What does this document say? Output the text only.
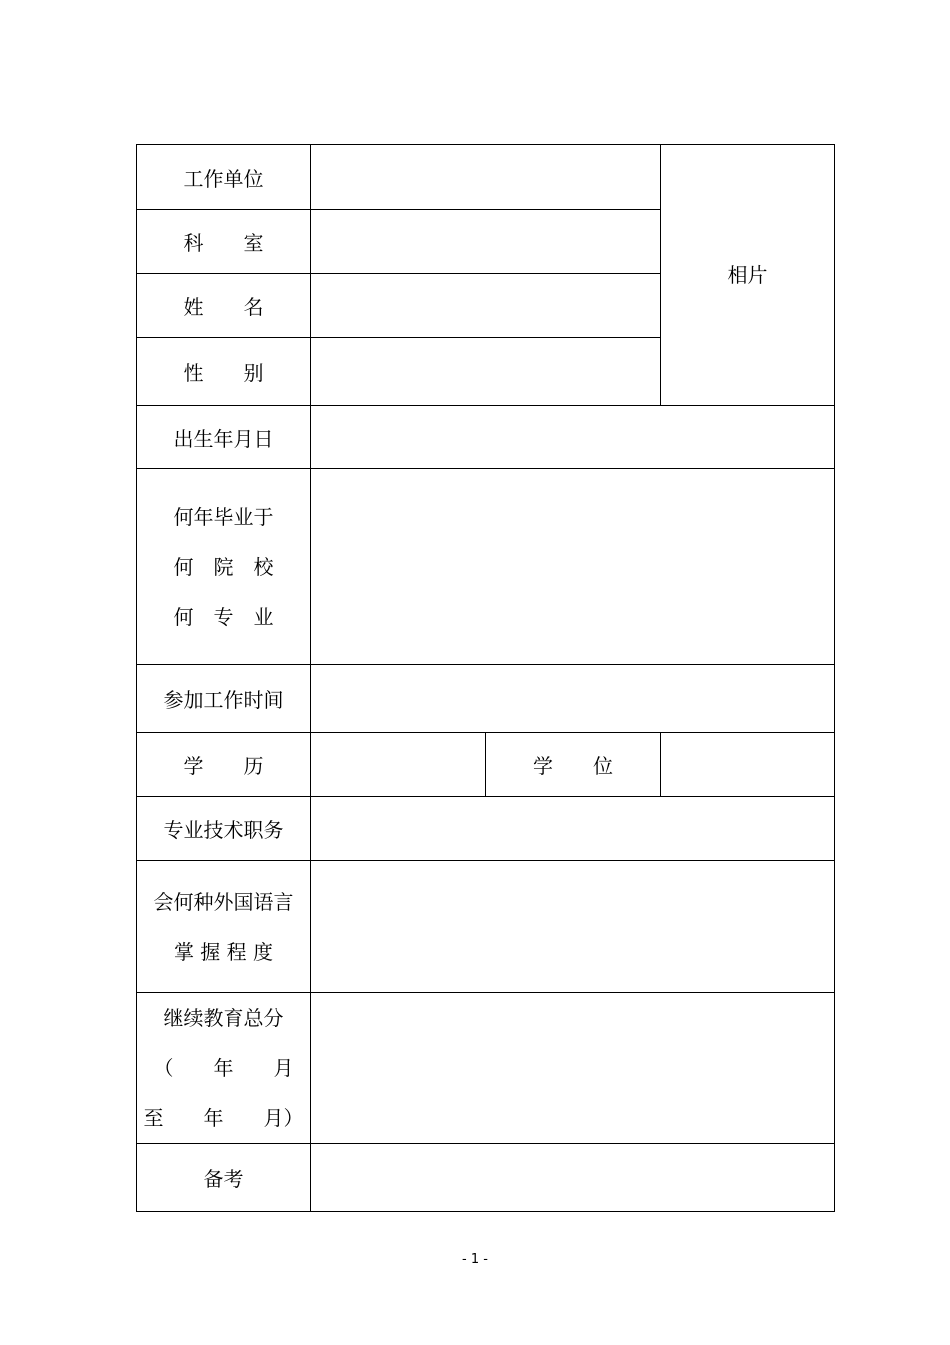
工作单位			相片
科　　室			
姓　　名			
性　　别			
出生年月日			

何年毕业于
何　院　校
何　专　业			

参加工作时间			
学　　历		学　　位	
专业技术职务			

会何种外国语言
掌 握 程 度			

继续教育总分
（　　年　　月
至　　年　　月）			

备考			
- 1 -
